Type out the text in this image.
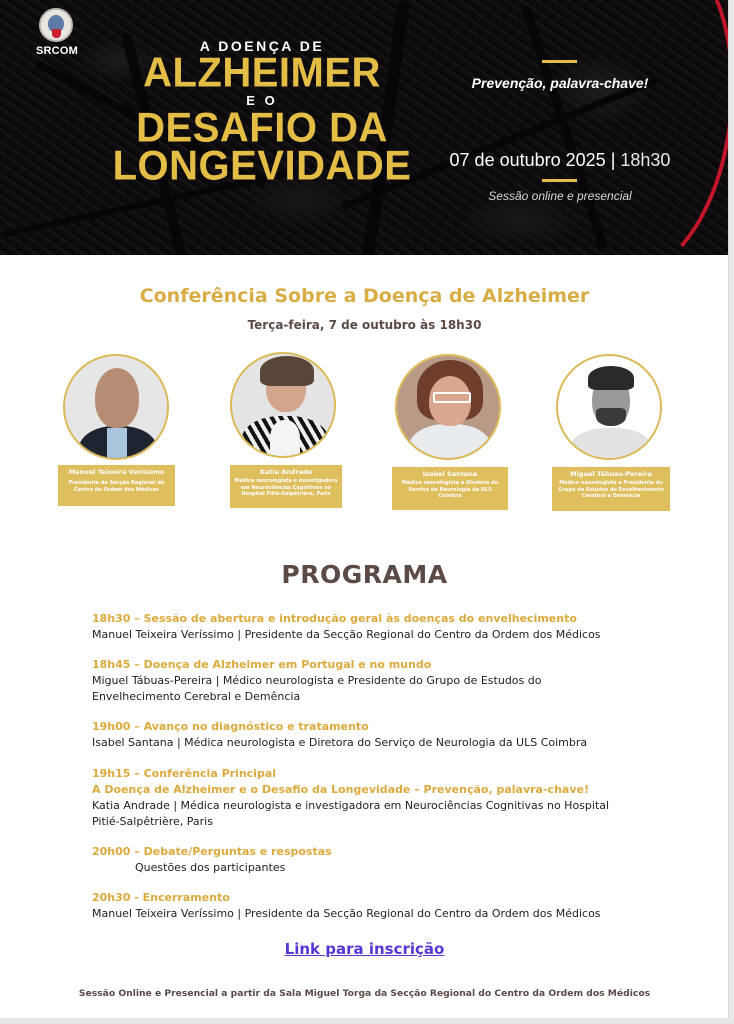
SRCOM	A DOENÇA DE
ALZHEIMER
E O
DESAFIO DA
LONGEVIDADE
Prevenção, palavra-chave!
07 de outubro 2025 | 18h30
Sessão online e presencial
Conferência Sobre a Doença de Alzheimer
Terça-feira, 7 de outubro às 18h30
Manuel Teixeira Veríssimo
Presidente da Secção Regional do Centro da Ordem dos Médicos
Katia Andrade
Médica neurologista e investigadora em Neurociências Cognitivas no Hospital Pitié-Salpêtrière, Paris
Isabel Santana
Médica neurologista e Diretora do Serviço de Neurologia da ULS Coimbra
Miguel Tábuas-Pereira
Médico neurologista e Presidente do Grupo de Estudos do Envelhecimento Cerebral e Demência
PROGRAMA
18h30 – Sessão de abertura e introdução geral às doenças do envelhecimento
Manuel Teixeira Veríssimo | Presidente da Secção Regional do Centro da Ordem dos Médicos
18h45 – Doença de Alzheimer em Portugal e no mundo
Miguel Tábuas-Pereira | Médico neurologista e Presidente do Grupo de Estudos do Envelhecimento Cerebral e Demência
19h00 – Avanço no diagnóstico e tratamento
Isabel Santana | Médica neurologista e Diretora do Serviço de Neurologia da ULS Coimbra
19h15 – Conferência Principal
A Doença de Alzheimer e o Desafio da Longevidade – Prevenção, palavra-chave!
Katia Andrade | Médica neurologista e investigadora em Neurociências Cognitivas no Hospital Pitié-Salpêtrière, Paris
20h00 – Debate/Perguntas e respostas
Questões dos participantes
20h30 - Encerramento
Manuel Teixeira Veríssimo | Presidente da Secção Regional do Centro da Ordem dos Médicos
Link para inscrição
Sessão Online e Presencial a partir da Sala Miguel Torga da Secção Regional do Centro da Ordem dos Médicos
